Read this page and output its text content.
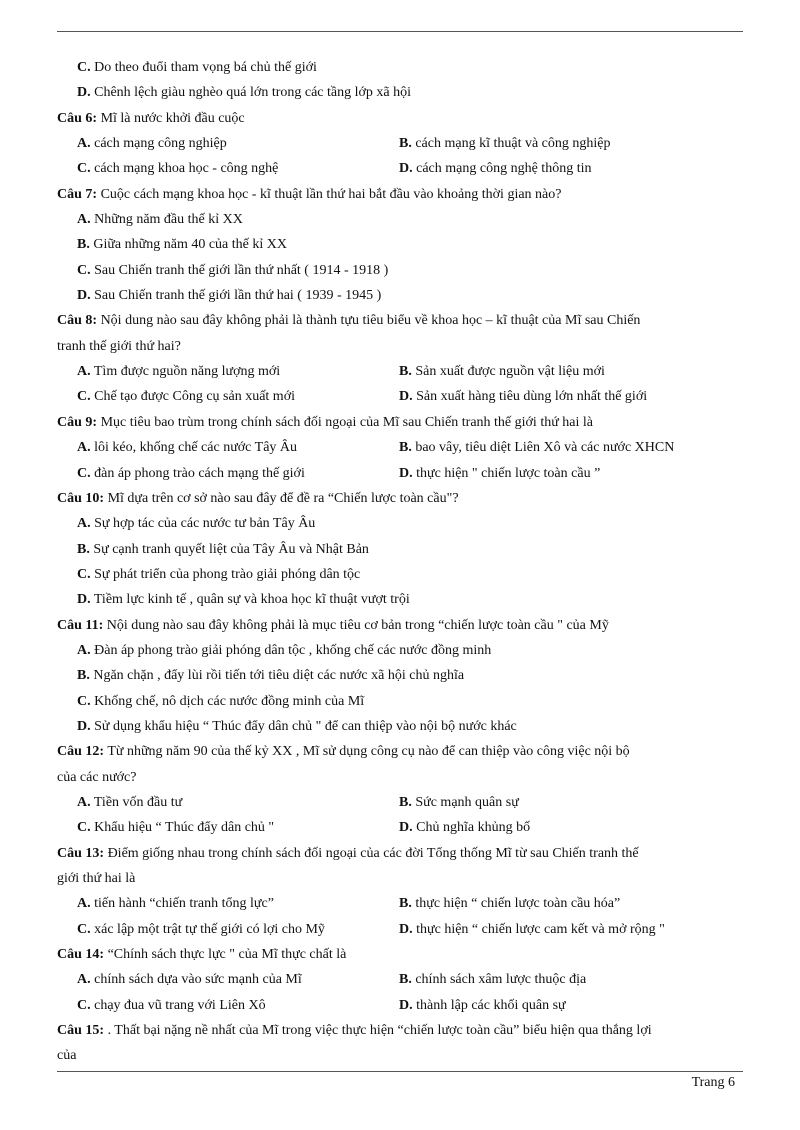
C. Do theo đuổi tham vọng bá chủ thế giới
D. Chênh lệch giàu nghèo quá lớn trong các tầng lớp xã hội
Câu 6: Mĩ là nước khởi đầu cuộc
A. cách mạng công nghiệp	B. cách mạng kĩ thuật và công nghiệp
C. cách mạng khoa học - công nghệ	D. cách mạng công nghệ thông tin
Câu 7: Cuộc cách mạng khoa học - kĩ thuật lần thứ hai bắt đầu vào khoảng thời gian nào?
A. Những năm đầu thế kỉ XX
B. Giữa những năm 40 của thế kỉ XX
C. Sau Chiến tranh thế giới lần thứ nhất ( 1914 - 1918 )
D. Sau Chiến tranh thế giới lần thứ hai ( 1939 - 1945 )
Câu 8: Nội dung nào sau đây không phải là thành tựu tiêu biểu về khoa học – kĩ thuật của Mĩ sau Chiến
tranh thế giới thứ hai?
A. Tìm được nguồn năng lượng mới	B. Sản xuất được nguồn vật liệu mới
C. Chế tạo được Công cụ sản xuất mới	D. Sản xuất hàng tiêu dùng lớn nhất thế giới
Câu 9: Mục tiêu bao trùm trong chính sách đối ngoại của Mĩ sau Chiến tranh thế giới thứ hai là
A. lôi kéo, khống chế các nước Tây Âu	B. bao vây, tiêu diệt Liên Xô và các nước XHCN
C. đàn áp phong trào cách mạng thế giới	D. thực hiện " chiến lược toàn cầu ”
Câu 10: Mĩ dựa trên cơ sở nào sau đây để đề ra “Chiến lược toàn cầu"?
A. Sự hợp tác của các nước tư bản Tây Âu
B. Sự cạnh tranh quyết liệt của Tây Âu và Nhật Bản
C. Sự phát triển của phong trào giải phóng dân tộc
D. Tiềm lực kinh tế , quân sự và khoa học kĩ thuật vượt trội
Câu 11: Nội dung nào sau đây không phải là mục tiêu cơ bản trong “chiến lược toàn cầu " của Mỹ
A. Đàn áp phong trào giải phóng dân tộc , khống chế các nước đồng minh
B. Ngăn chặn , đẩy lùi rồi tiến tới tiêu diệt các nước xã hội chủ nghĩa
C. Khống chế, nô dịch các nước đồng minh của Mĩ
D. Sử dụng khẩu hiệu “ Thúc đẩy dân chủ " để can thiệp vào nội bộ nước khác
Câu 12: Từ những năm 90 của thế kỷ XX , Mĩ sử dụng công cụ nào để can thiệp vào công việc nội bộ
của các nước?
A. Tiền vốn đầu tư	B. Sức mạnh quân sự
C. Khẩu hiệu “ Thúc đẩy dân chủ "	D. Chủ nghĩa khủng bố
Câu 13: Điểm giống nhau trong chính sách đối ngoại của các đời Tổng thống Mĩ từ sau Chiến tranh thế
giới thứ hai là
A. tiến hành “chiến tranh tổng lực”	B. thực hiện “ chiến lược toàn cầu hóa”
C. xác lập một trật tự thế giới có lợi cho Mỹ	D. thực hiện “ chiến lược cam kết và mở rộng "
Câu 14: “Chính sách thực lực " của Mĩ thực chất là
A. chính sách dựa vào sức mạnh của Mĩ	B. chính sách xâm lược thuộc địa
C. chạy đua vũ trang với Liên Xô	D. thành lập các khối quân sự
Câu 15: . Thất bại nặng nề nhất của Mĩ trong việc thực hiện “chiến lược toàn cầu” biểu hiện qua thắng lợi
của
Trang 6
